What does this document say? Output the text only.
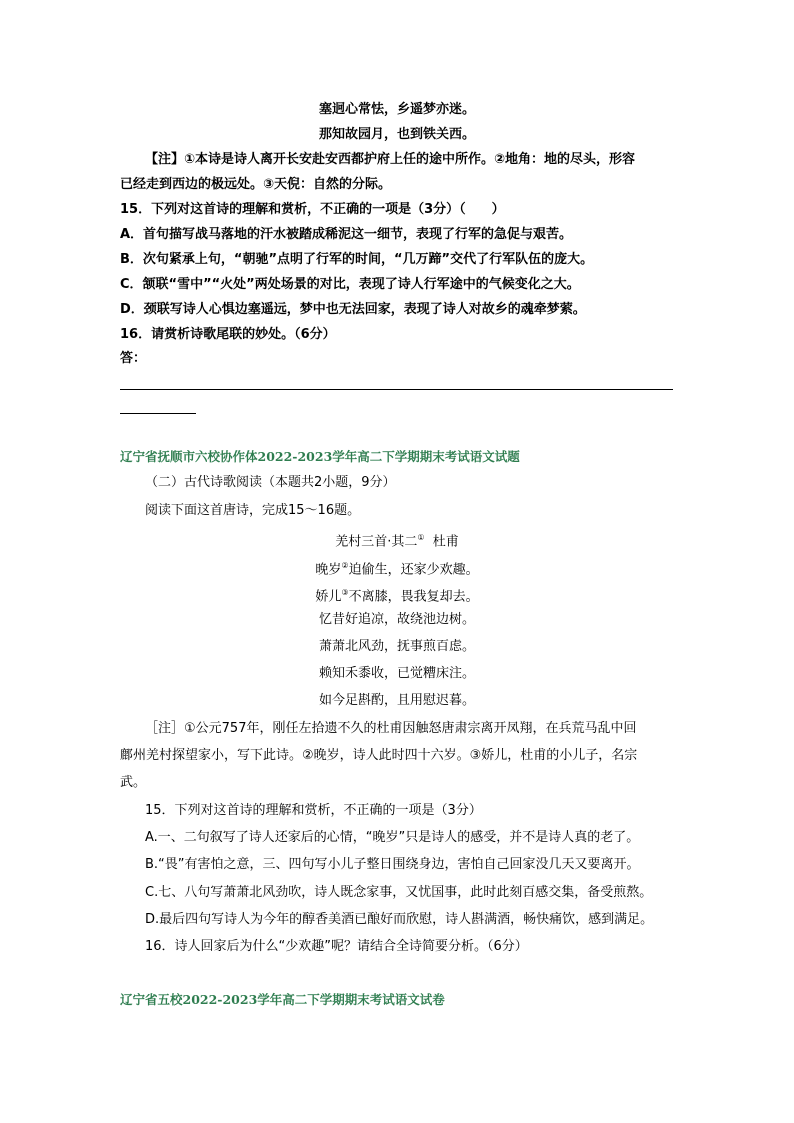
塞迥心常怯，乡遥梦亦迷。
那知故园月，也到铁关西。
【注】①本诗是诗人离开长安赴安西都护府上任的途中所作。②地角：地的尽头，形容
已经走到西边的极远处。③天倪：自然的分际。
15．下列对这首诗的理解和赏析，不正确的一项是（3分）（　　）
A．首句描写战马落地的汗水被踏成稀泥这一细节，表现了行军的急促与艰苦。
B．次句紧承上句，“朝驰”点明了行军的时间，“几万蹄”交代了行军队伍的庞大。
C．颔联“雪中”“火处”两处场景的对比，表现了诗人行军途中的气候变化之大。
D．颈联写诗人心惧边塞遥远，梦中也无法回家，表现了诗人对故乡的魂牵梦萦。
16．请赏析诗歌尾联的妙处。（6分）
答：
辽宁省抚顺市六校协作体2022-2023学年高二下学期期末考试语文试题
（二）古代诗歌阅读（本题共2小题，9分）
阅读下面这首唐诗，完成15～16题。
羌村三首·其二① 杜甫
晚岁②迫偷生，还家少欢趣。
娇儿③不离膝，畏我复却去。
忆昔好追凉，故绕池边树。
萧萧北风劲，抚事煎百虑。
赖知禾黍收，已觉糟床注。
如今足斟酌，且用慰迟暮。
［注］①公元757年，刚任左拾遗不久的杜甫因触怒唐肃宗离开凤翔，在兵荒马乱中回
鄜州羌村探望家小，写下此诗。②晚岁，诗人此时四十六岁。③娇儿，杜甫的小儿子，名宗
武。
15．下列对这首诗的理解和赏析，不正确的一项是（3分）
A.一、二句叙写了诗人还家后的心情，“晚岁”只是诗人的感受，并不是诗人真的老了。
B.“畏”有害怕之意，三、四句写小儿子整日围绕身边，害怕自己回家没几天又要离开。
C.七、八句写萧萧北风劲吹，诗人既念家事，又忧国事，此时此刻百感交集，备受煎熬。
D.最后四句写诗人为今年的醇香美酒已酿好而欣慰，诗人斟满酒，畅快痛饮，感到满足。
16．诗人回家后为什么“少欢趣”呢？请结合全诗简要分析。（6分）
辽宁省五校2022-2023学年高二下学期期末考试语文试卷
